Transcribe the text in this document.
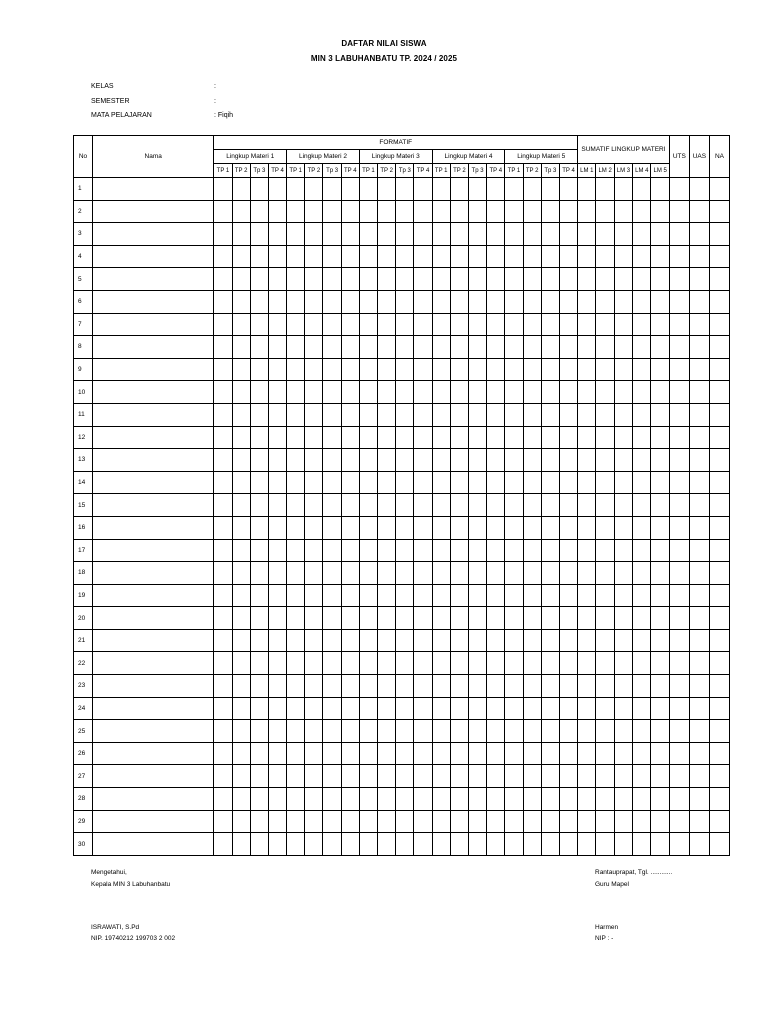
DAFTAR NILAI SISWA
MIN 3 LABUHANBATU TP. 2024 / 2025
KELAS	:
SEMESTER	:
MATA PELAJARAN	: Fiqih
No	Nama	FORMATIF																				SUMATIF LINGKUP MATERI					UTS	UAS	NA
		Lingkup Materi 1				Lingkup Materi 2				Lingkup Materi 3				Lingkup Materi 4				Lingkup Materi 5											
		TP 1	TP 2	Tp 3	TP 4	TP 1	TP 2	Tp 3	TP 4	TP 1	TP 2	Tp 3	TP 4	TP 1	TP 2	Tp 3	TP 4	TP 1	TP 2	Tp 3	TP 4	LM 1	LM 2	LM 3	LM 4	LM 5			
1																													
2																													
3																													
4																													
5																													
6																													
7																													
8																													
9																													
10																													
11																													
12																													
13																													
14																													
15																													
16																													
17																													
18																													
19																													
20																													
21																													
22																													
23																													
24																													
25																													
26																													
27																													
28																													
29																													
30																													
Mengetahui,
Kepala MIN 3 Labuhanbatu
ISRAWATI, S.Pd
NIP. 19740212 199703 2 002
Rantauprapat, Tgl. ............
Guru Mapel
Harmen
NIP : -
